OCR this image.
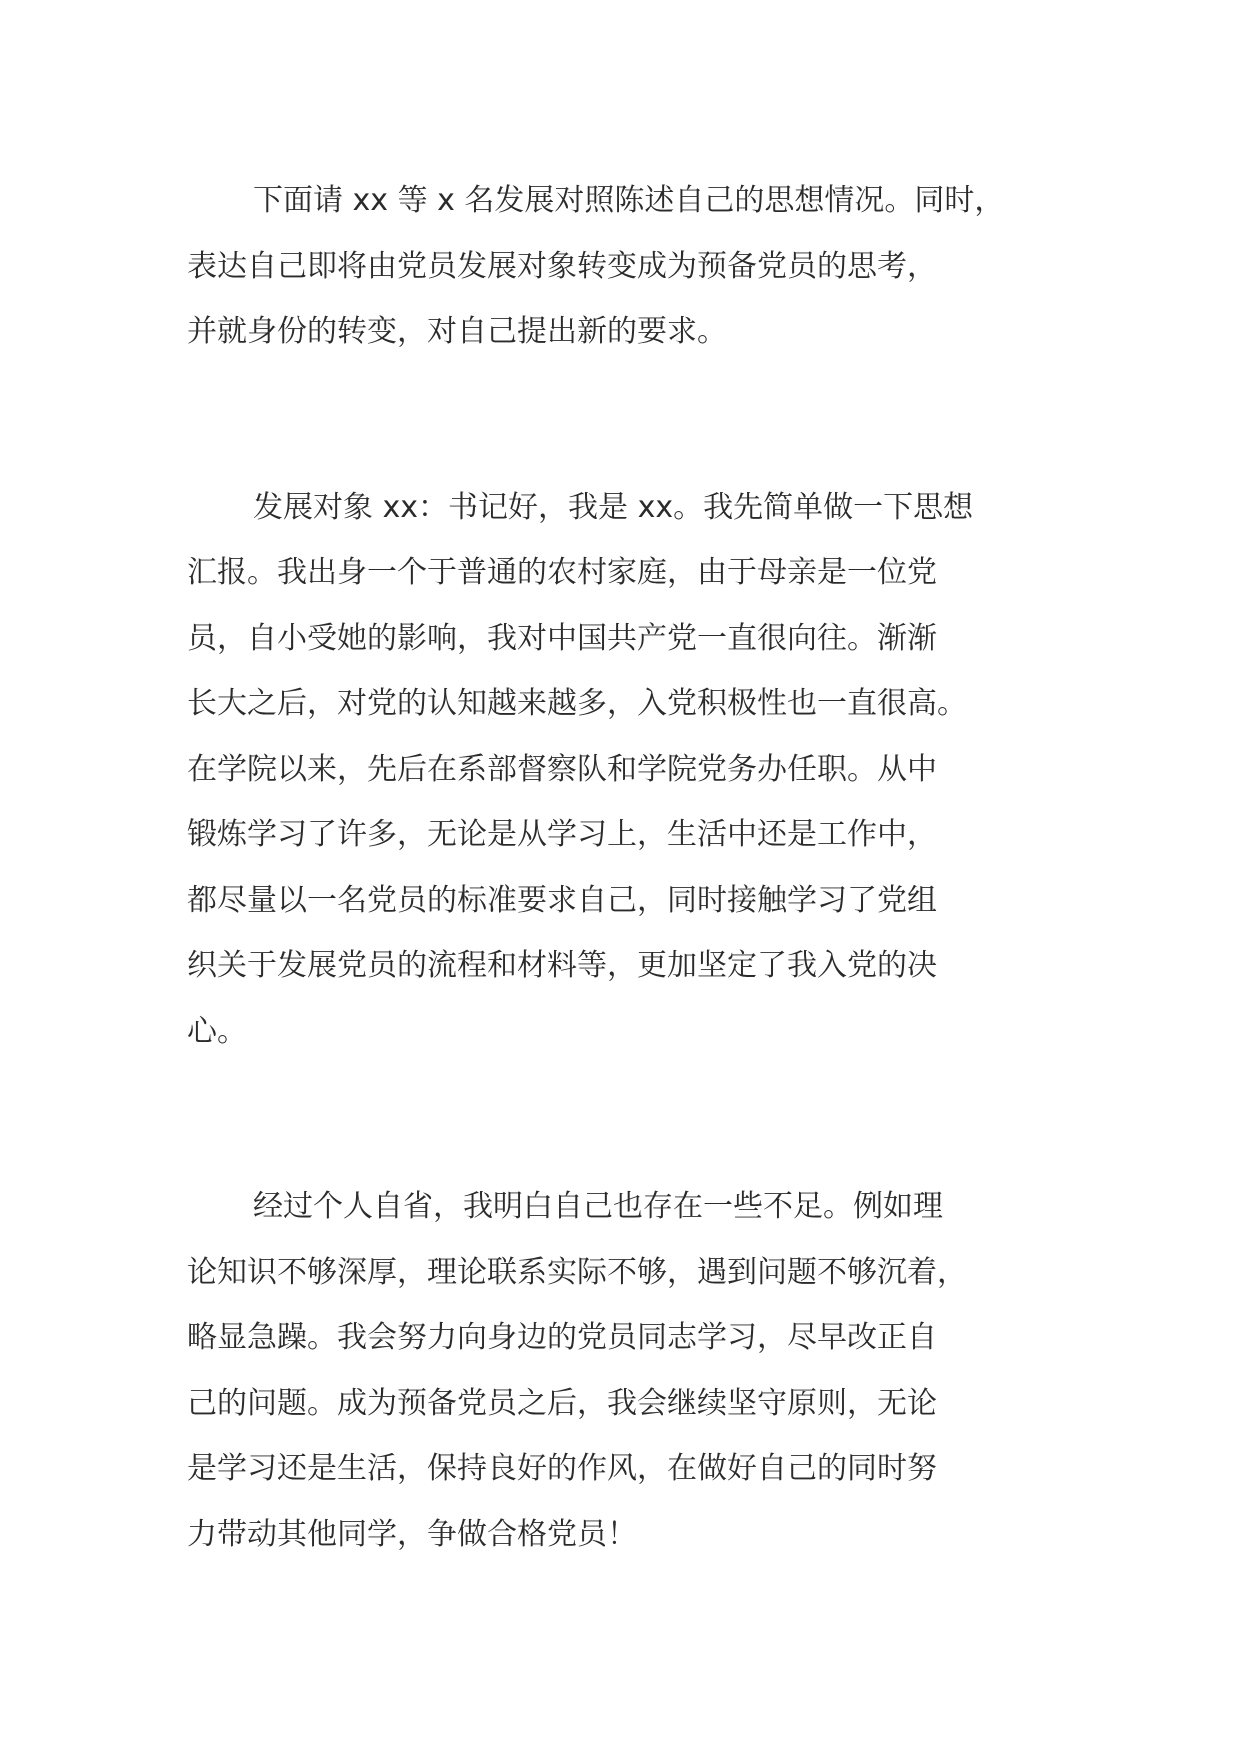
下面请 xx 等 x 名发展对照陈述自己的思想情况。同时，
表达自己即将由党员发展对象转变成为预备党员的思考，
并就身份的转变，对自己提出新的要求。

发展对象 xx：书记好，我是 xx。我先简单做一下思想
汇报。我出身一个于普通的农村家庭，由于母亲是一位党
员，自小受她的影响，我对中国共产党一直很向往。渐渐
长大之后，对党的认知越来越多，入党积极性也一直很高。
在学院以来，先后在系部督察队和学院党务办任职。从中
锻炼学习了许多，无论是从学习上，生活中还是工作中，
都尽量以一名党员的标准要求自己，同时接触学习了党组
织关于发展党员的流程和材料等，更加坚定了我入党的决
心。

经过个人自省，我明白自己也存在一些不足。例如理
论知识不够深厚，理论联系实际不够，遇到问题不够沉着，
略显急躁。我会努力向身边的党员同志学习，尽早改正自
己的问题。成为预备党员之后，我会继续坚守原则，无论
是学习还是生活，保持良好的作风，在做好自己的同时努
力带动其他同学，争做合格党员！
